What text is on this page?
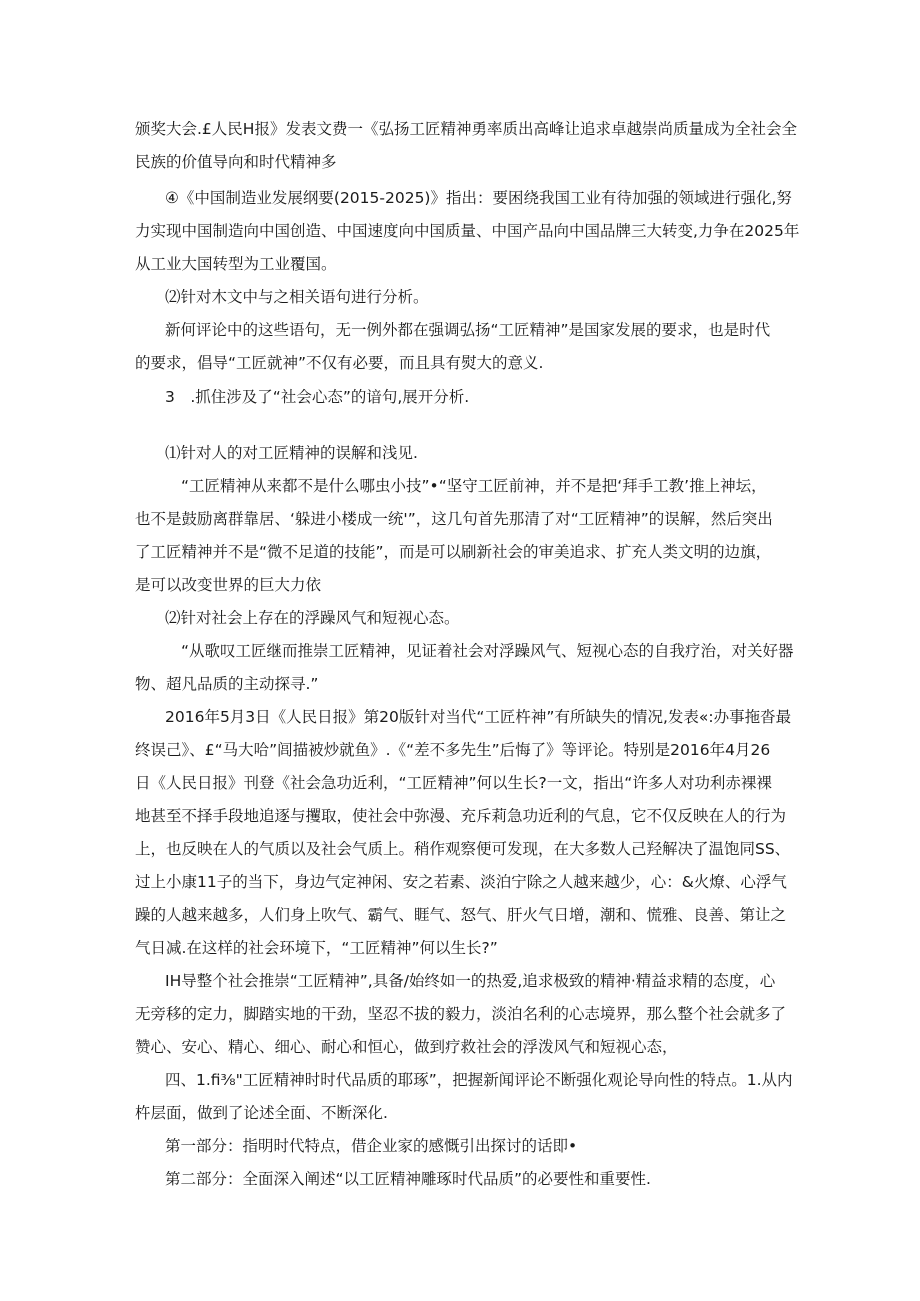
颁奖大会.£人民H报》发表文费一《弘扬工匠精神勇率质出高峰让追求卓越崇尚质量成为全社会全
民族的价值导向和时代精神多
④《中国制造业发展纲要(2015-2025)》指出：要困绕我国工业有待加强的领域进行强化,努
力实现中国制造向中国创造、中国速度向中国质量、中国产品向中国品牌三大转变,力争在2025年
从工业大国转型为工业覆国。
⑵针对木文中与之相关语句进行分析。
新何评论中的这些语句，无一例外都在强调弘扬“工匠精神”是国家发展的要求，也是时代
的要求，倡导“工匠就神”不仅有必要，而且具有熨大的意义.
3　.抓住涉及了“社会心态”的谙句,展开分析.
⑴针对人的对工匠精神的误解和浅见.
“工匠精神从来都不是什么哪虫小技”•“坚守工匠前神，并不是把‘拜手工教’推上神坛，
也不是鼓励离群靠居、‘躲进小楼成一统'”，这几句首先那清了对“工匠精神”的误解，然后突出
了工匠精神并不是“微不足道的技能”，而是可以刷新社会的审美追求、扩充人类文明的边旗，
是可以改变世界的巨大力依
⑵针对社会上存在的浮躁风气和短视心态。
“从歌叹工匠继而推崇工匠精神，见证着社会对浮躁风气、短视心态的自我疗治，对关好器
物、超凡品质的主动探寻.”
2016年5月3日《人民日报》第20版针对当代“工匠杵神”有所缺失的情况,发表«:办事拖沓最
终误己》、£“马大哈”闾描被炒就鱼》.《“差不多先生”后悔了》等评论。特别是2016年4月26
日《人民日报》刊登《社会急功近利，“工匠精神”何以生长?一文，指出“许多人对功利赤裸裸
地甚至不择手段地追逐与攫取，使社会中弥漫、充斥莉急功近利的气息，它不仅反映在人的行为
上，也反映在人的气质以及社会气质上。稍作观察便可发现，在大多数人己羟解决了温饱同SS、
过上小康11子的当下，身边气定神闲、安之若素、淡泊宁除之人越来越少，心：&火燎、心浮气
躁的人越来越多，人们身上吹气、霸气、睚气、怒气、肝火气日增，潮和、慌雅、良善、第让之
气日减.在这样的社会环境下，“工匠精神”何以生长?”
IH导整个社会推崇“工匠精神”,具备/始终如一的热爱,追求极致的精神·精益求精的态度，心
无旁移的定力，脚踏实地的干劲，坚忍不拔的毅力，淡泊名利的心志境界，那么整个社会就多了
赞心、安心、精心、细心、耐心和恒心，做到疗救社会的浮泼风气和短视心态，
四、1.fi⅜"工匠精神时时代品质的耶琢”，把握新闻评论不断强化观论导向性的特点。1.从内
杵层面，做到了论述全面、不断深化.
第一部分：指明时代特点，借企业家的感慨引出探讨的话即•
第二部分：全面深入阐述“以工匠精神雕琢时代品质”的必要性和重要性.
